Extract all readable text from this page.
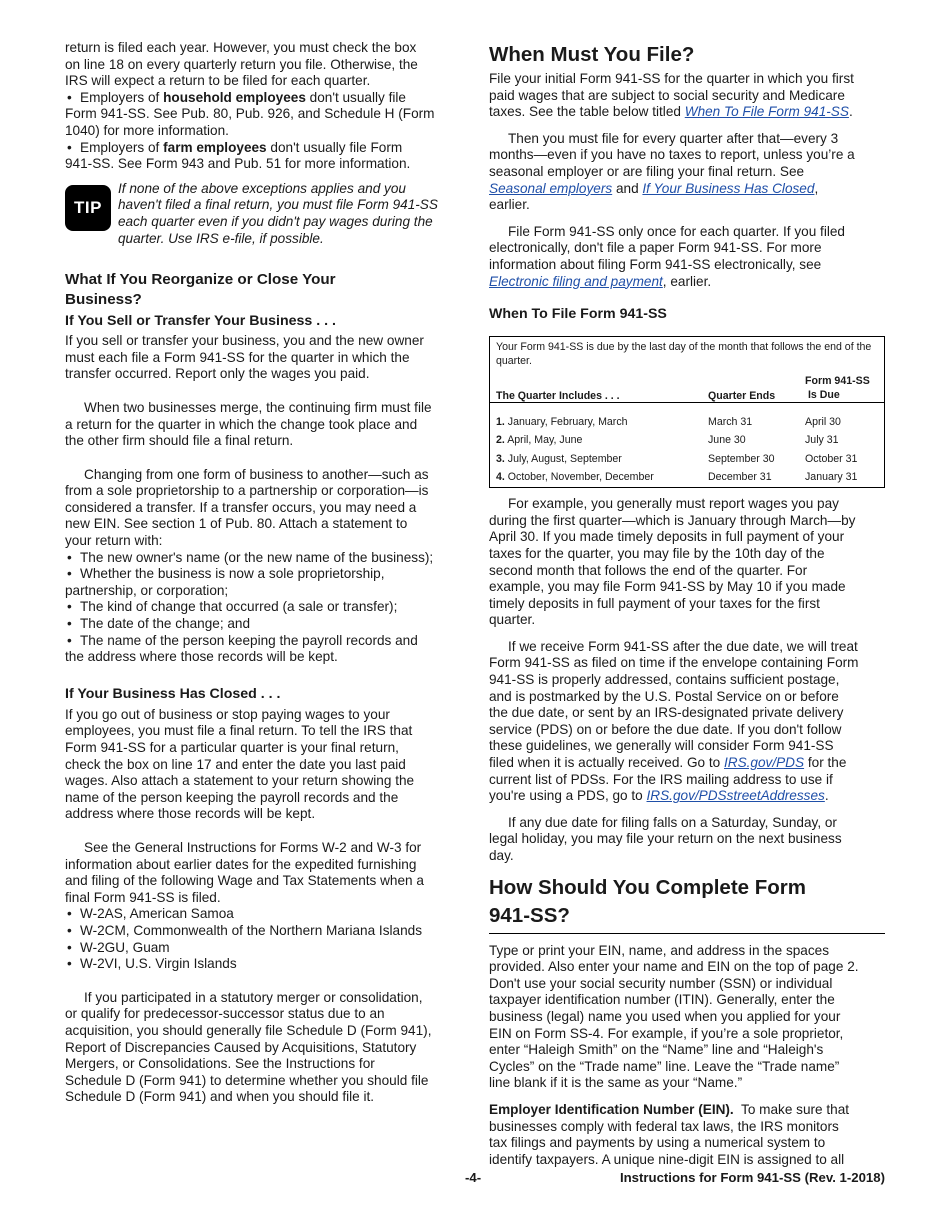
return is filed each year. However, you must check the box
on line 18 on every quarterly return you file. Otherwise, the
IRS will expect a return to be filed for each quarter.

• Employers of household employees don't usually file
Form 941-SS. See Pub. 80, Pub. 926, and Schedule H (Form
1040) for more information.

• Employers of farm employees don't usually file Form
941-SS. See Form 943 and Pub. 51 for more information.

TIP
If none of the above exceptions applies and you
haven't filed a final return, you must file Form 941-SS
each quarter even if you didn't pay wages during the
quarter. Use IRS e-file, if possible.
What If You Reorganize or Close Your
Business?
If You Sell or Transfer Your Business . . .

If you sell or transfer your business, you and the new owner
must each file a Form 941-SS for the quarter in which the
transfer occurred. Report only the wages you paid.

When two businesses merge, the continuing firm must file
a return for the quarter in which the change took place and
the other firm should file a final return.

Changing from one form of business to another—such as
from a sole proprietorship to a partnership or corporation—is
considered a transfer. If a transfer occurs, you may need a
new EIN. See section 1 of Pub. 80. Attach a statement to
your return with:

• The new owner's name (or the new name of the business);

• Whether the business is now a sole proprietorship,
partnership, or corporation;

• The kind of change that occurred (a sale or transfer);

• The date of the change; and

• The name of the person keeping the payroll records and
the address where those records will be kept.

If Your Business Has Closed . . .

If you go out of business or stop paying wages to your
employees, you must file a final return. To tell the IRS that
Form 941-SS for a particular quarter is your final return,
check the box on line 17 and enter the date you last paid
wages. Also attach a statement to your return showing the
name of the person keeping the payroll records and the
address where those records will be kept.

See the General Instructions for Forms W-2 and W-3 for
information about earlier dates for the expedited furnishing
and filing of the following Wage and Tax Statements when a
final Form 941-SS is filed.

• W-2AS, American Samoa

• W-2CM, Commonwealth of the Northern Mariana Islands

• W-2GU, Guam

• W-2VI, U.S. Virgin Islands

If you participated in a statutory merger or consolidation,
or qualify for predecessor-successor status due to an
acquisition, you should generally file Schedule D (Form 941),
Report of Discrepancies Caused by Acquisitions, Statutory
Mergers, or Consolidations. See the Instructions for
Schedule D (Form 941) to determine whether you should file
Schedule D (Form 941) and when you should file it.

When Must You File?

File your initial Form 941-SS for the quarter in which you first
paid wages that are subject to social security and Medicare
taxes. See the table below titled When To File Form 941-SS.

Then you must file for every quarter after that—every 3
months—even if you have no taxes to report, unless you’re a
seasonal employer or are filing your final return. See
Seasonal employers and If Your Business Has Closed,
earlier.

File Form 941-SS only once for each quarter. If you filed
electronically, don't file a paper Form 941-SS. For more
information about filing Form 941-SS electronically, see
Electronic filing and payment, earlier.

When To File Form 941-SS
Your Form 941-SS is due by the last day of the month that follows the end of the quarter.		
The Quarter Includes . . .	Quarter Ends	Form 941-SS
Is Due
1. January, February, March	March 31	April 30
2. April, May, June	June 30	July 31
3. July, August, September	September 30	October 31
4. October, November, December	December 31	January 31

For example, you generally must report wages you pay
during the first quarter—which is January through March—by
April 30. If you made timely deposits in full payment of your
taxes for the quarter, you may file by the 10th day of the
second month that follows the end of the quarter. For
example, you may file Form 941-SS by May 10 if you made
timely deposits in full payment of your taxes for the first
quarter.

If we receive Form 941-SS after the due date, we will treat
Form 941-SS as filed on time if the envelope containing Form
941-SS is properly addressed, contains sufficient postage,
and is postmarked by the U.S. Postal Service on or before
the due date, or sent by an IRS-designated private delivery
service (PDS) on or before the due date. If you don't follow
these guidelines, we generally will consider Form 941-SS
filed when it is actually received. Go to IRS.gov/PDS for the
current list of PDSs. For the IRS mailing address to use if
you're using a PDS, go to IRS.gov/PDSstreetAddresses.

If any due date for filing falls on a Saturday, Sunday, or
legal holiday, you may file your return on the next business
day.

How Should You Complete Form
941-SS?

Type or print your EIN, name, and address in the spaces
provided. Also enter your name and EIN on the top of page 2.
Don't use your social security number (SSN) or individual
taxpayer identification number (ITIN). Generally, enter the
business (legal) name you used when you applied for your
EIN on Form SS-4. For example, if you’re a sole proprietor,
enter “Haleigh Smith” on the “Name” line and “Haleigh's
Cycles” on the “Trade name” line. Leave the “Trade name”
line blank if it is the same as your “Name.”

Employer Identification Number (EIN).  To make sure that
businesses comply with federal tax laws, the IRS monitors
tax filings and payments by using a numerical system to
identify taxpayers. A unique nine-digit EIN is assigned to all

-4-	Instructions for Form 941-SS (Rev. 1-2018)
